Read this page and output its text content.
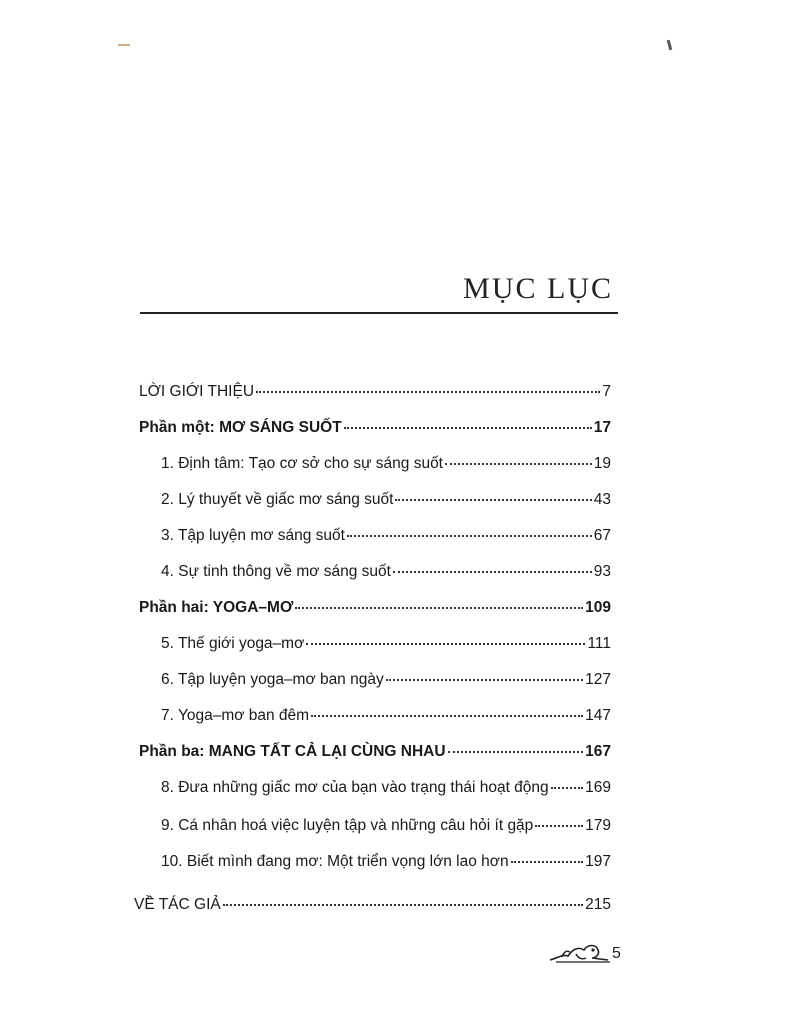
MỤC LỤC
LỜI GIỚI THIỆU	7
Phần một: MƠ SÁNG SUỐT	17
1. Định tâm: Tạo cơ sở cho sự sáng suốt	19
2. Lý thuyết về giấc mơ sáng suốt	43
3. Tập luyện mơ sáng suốt	67
4. Sự tinh thông về mơ sáng suốt	93
Phần hai: YOGA–MƠ	109
5. Thế giới yoga–mơ	111
6. Tập luyện yoga–mơ ban ngày	127
7. Yoga–mơ ban đêm	147
Phần ba: MANG TẤT CẢ LẠI CÙNG NHAU	167
8. Đưa những giấc mơ của bạn vào trạng thái hoạt động 169
9. Cá nhân hoá việc luyện tập và những câu hỏi ít gặp	179
10. Biết mình đang mơ: Một triển vọng lớn lao hơn	197
VỀ TÁC GIẢ	215
5
